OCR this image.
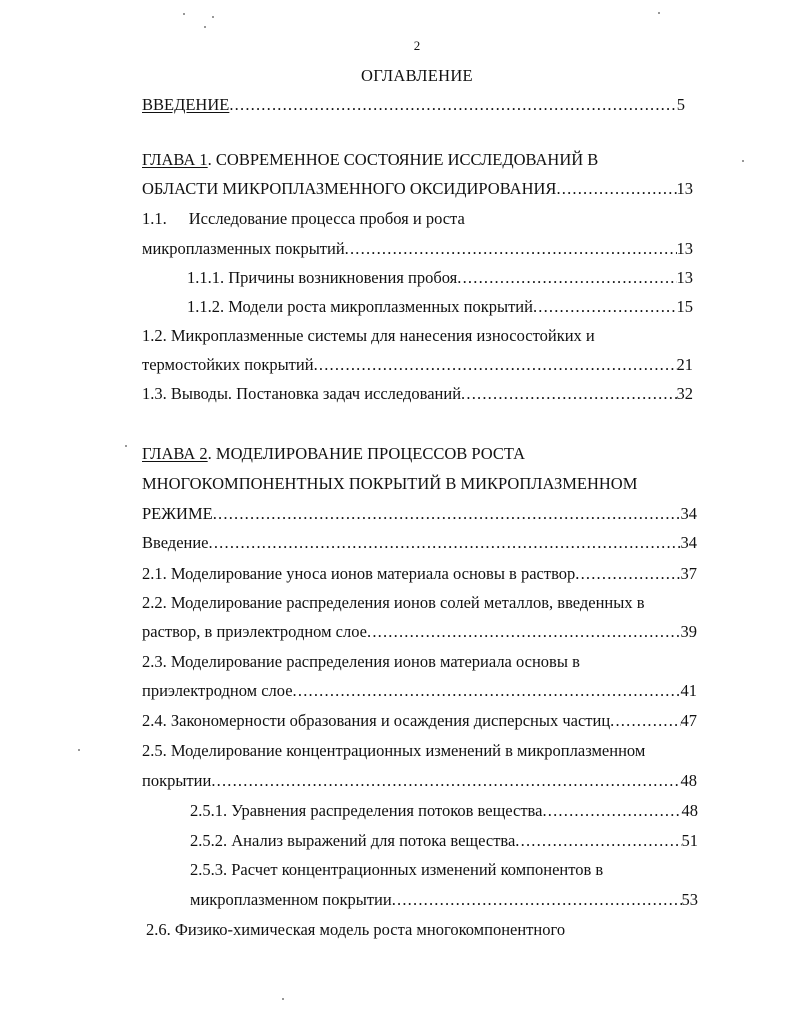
2
ОГЛАВЛЕНИЕ
ВВЕДЕНИЕ .....	5
ГЛАВА 1. СОВРЕМЕННОЕ СОСТОЯНИЕ ИССЛЕДОВАНИЙ В
ОБЛАСТИ МИКРОПЛАЗМЕННОГО ОКСИДИРОВАНИЯ .....	13
1.1. Исследование процесса пробоя и роста
микроплазменных покрытий .....	13
1.1.1. Причины возникновения пробоя .....	13
1.1.2. Модели роста микроплазменных покрытий .....	15
1.2. Микроплазменные системы для нанесения износостойких и
термостойких покрытий .....	21
1.3. Выводы. Постановка задач исследований .....	32
ГЛАВА 2. МОДЕЛИРОВАНИЕ ПРОЦЕССОВ РОСТА
МНОГОКОМПОНЕНТНЫХ ПОКРЫТИЙ В МИКРОПЛАЗМЕННОМ
РЕЖИМЕ .....	34
Введение .....	34
2.1. Моделирование уноса ионов материала основы в раствор .....	37
2.2. Моделирование распределения ионов солей металлов, введенных в
раствор, в приэлектродном слое .....	39
2.3. Моделирование распределения ионов материала основы в
приэлектродном слое .....	41
2.4. Закономерности образования и осаждения дисперсных частиц .....	47
2.5. Моделирование концентрационных изменений в микроплазменном
покрытии .....	48
2.5.1. Уравнения распределения потоков вещества .....	48
2.5.2. Анализ выражений для потока вещества .....	51
2.5.3. Расчет концентрационных изменений компонентов в
микроплазменном покрытии .....	53
2.6. Физико-химическая модель роста многокомпонентного
